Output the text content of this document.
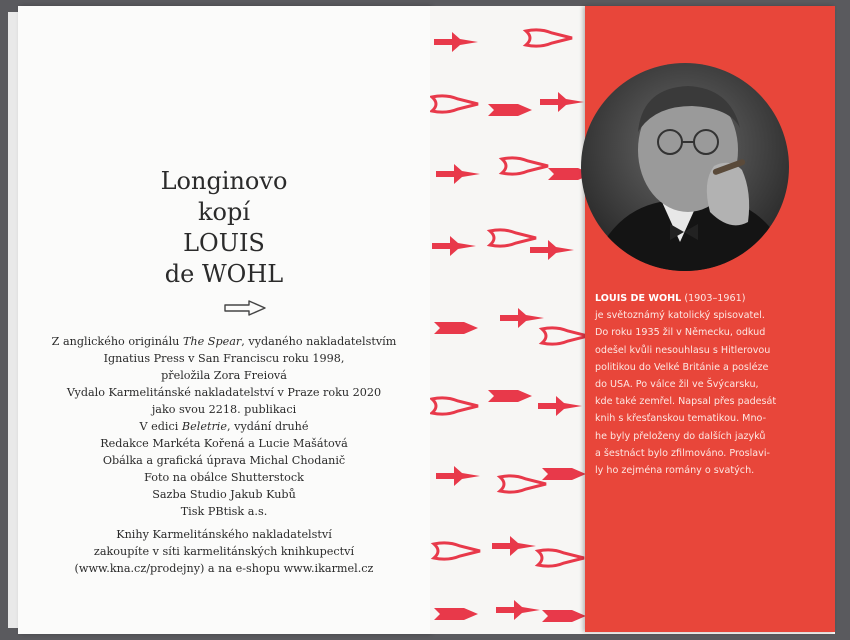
Longinovo
kopí
LOUIS
de WOHL
Z anglického originálu The Spear, vydaného nakladatelstvím
Ignatius Press v San Franciscu roku 1998,
přeložila Zora Freiová
Vydalo Karmelitánské nakladatelství v Praze roku 2020
jako svou 2218. publikaci
V edici Beletrie, vydání druhé
Redakce Markéta Kořená a Lucie Mašátová
Obálka a grafická úprava Michal Chodanič
Foto na obálce Shutterstock
Sazba Studio Jakub Kubů
Tisk PBtisk a.s.
Knihy Karmelitánského nakladatelství
zakoupíte v síti karmelitánských knihkupectví
(www.kna.cz/prodejny) a na e-shopu www.ikarmel.cz
LOUIS DE WOHL (1903–1961)
je světoznámý katolický spisovatel.
Do roku 1935 žil v Německu, odkud
odešel kvůli nesouhlasu s Hitlerovou
politikou do Velké Británie a posléze
do USA. Po válce žil ve Švýcarsku,
kde také zemřel. Napsal přes padesát
knih s křesťanskou tematikou. Mno-
he byly přeloženy do dalších jazyků
a šestnáct bylo zfilmováno. Proslavi-
ly ho zejména romány o svatých.
